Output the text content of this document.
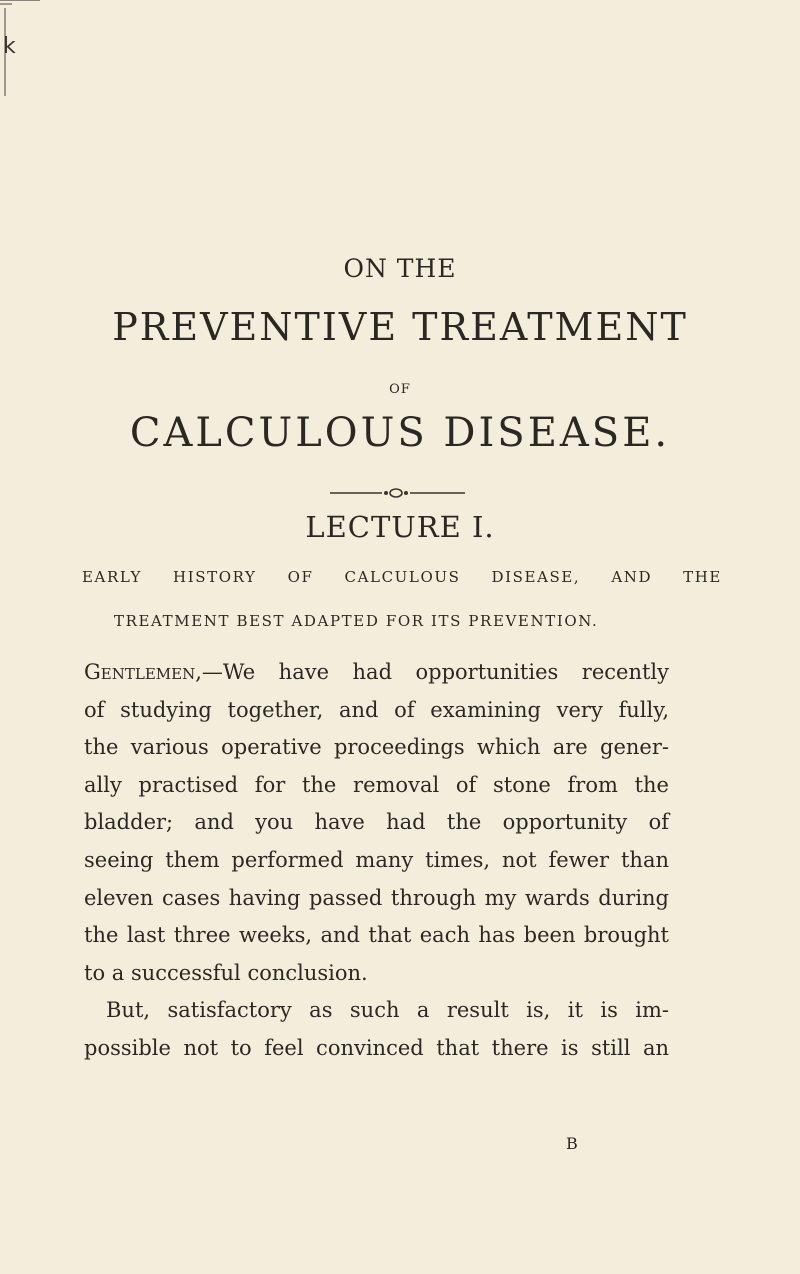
k
ON THE
PREVENTIVE TREATMENT
OF
CALCULOUS DISEASE.
LECTURE I.
EARLY HISTORY OF CALCULOUS DISEASE, AND THE
TREATMENT BEST ADAPTED FOR ITS PREVENTION.
Gentlemen,—We have had opportunities recently
of studying together, and of examining very fully,
the various operative proceedings which are gener-
ally practised for the removal of stone from the
bladder; and you have had the opportunity of
seeing them performed many times, not fewer than
eleven cases having passed through my wards during
the last three weeks, and that each has been brought
to a successful conclusion.
But, satisfactory as such a result is, it is im-
possible not to feel convinced that there is still an
B
